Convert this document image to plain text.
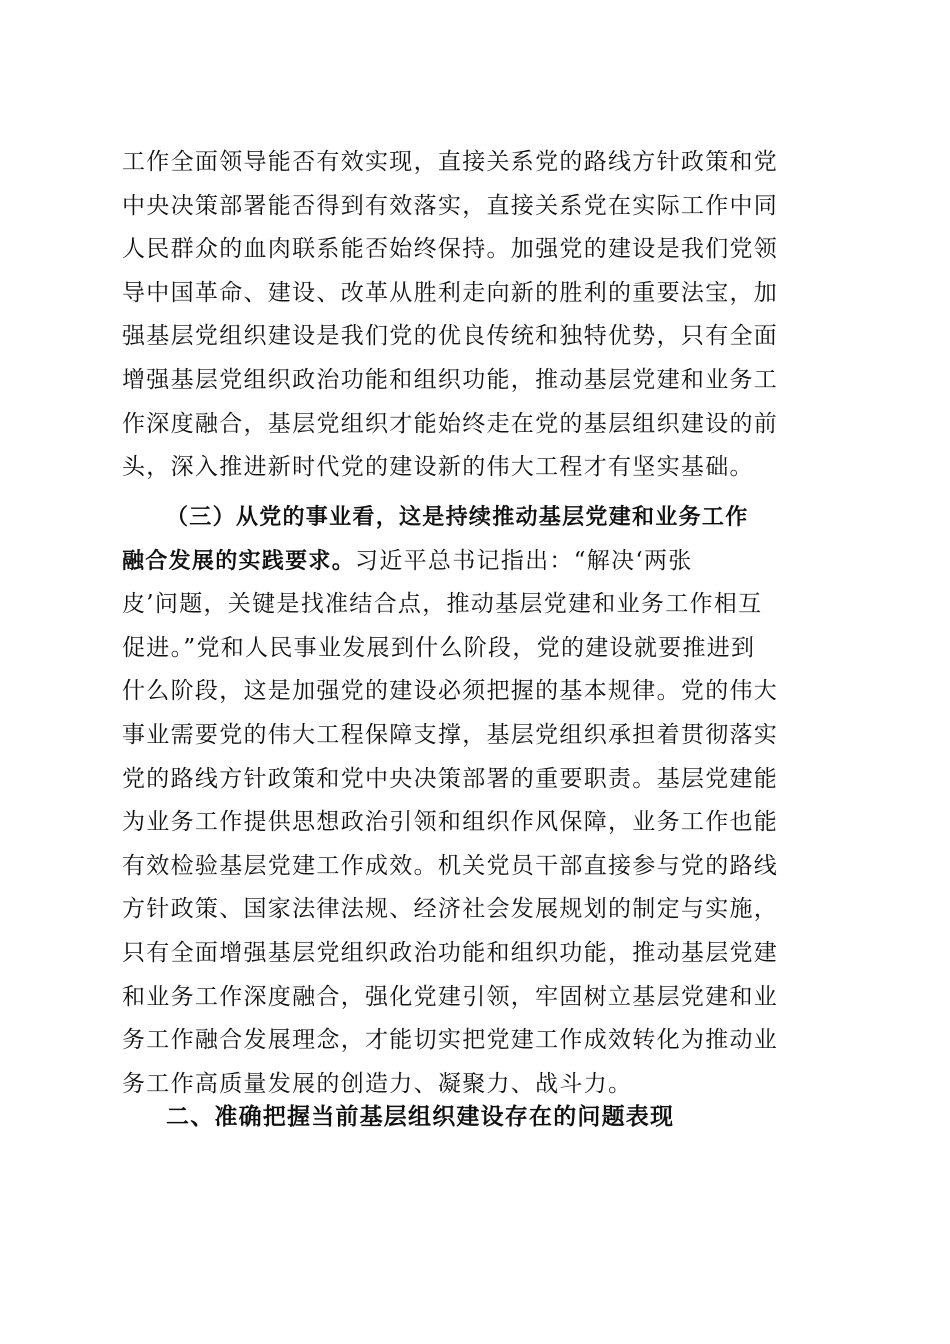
工作全面领导能否有效实现，直接关系党的路线方针政策和党
中央决策部署能否得到有效落实，直接关系党在实际工作中同
人民群众的血肉联系能否始终保持。加强党的建设是我们党领
导中国革命、建设、改革从胜利走向新的胜利的重要法宝，加
强基层党组织建设是我们党的优良传统和独特优势，只有全面
增强基层党组织政治功能和组织功能，推动基层党建和业务工
作深度融合，基层党组织才能始终走在党的基层组织建设的前
头，深入推进新时代党的建设新的伟大工程才有坚实基础。
（三）从党的事业看，这是持续推动基层党建和业务工作
融合发展的实践要求。习近平总书记指出：“解决‘两张
皮’问题，关键是找准结合点，推动基层党建和业务工作相互
促进。”党和人民事业发展到什么阶段，党的建设就要推进到
什么阶段，这是加强党的建设必须把握的基本规律。党的伟大
事业需要党的伟大工程保障支撑，基层党组织承担着贯彻落实
党的路线方针政策和党中央决策部署的重要职责。基层党建能
为业务工作提供思想政治引领和组织作风保障，业务工作也能
有效检验基层党建工作成效。机关党员干部直接参与党的路线
方针政策、国家法律法规、经济社会发展规划的制定与实施，
只有全面增强基层党组织政治功能和组织功能，推动基层党建
和业务工作深度融合，强化党建引领，牢固树立基层党建和业
务工作融合发展理念，才能切实把党建工作成效转化为推动业
务工作高质量发展的创造力、凝聚力、战斗力。
二、准确把握当前基层组织建设存在的问题表现
